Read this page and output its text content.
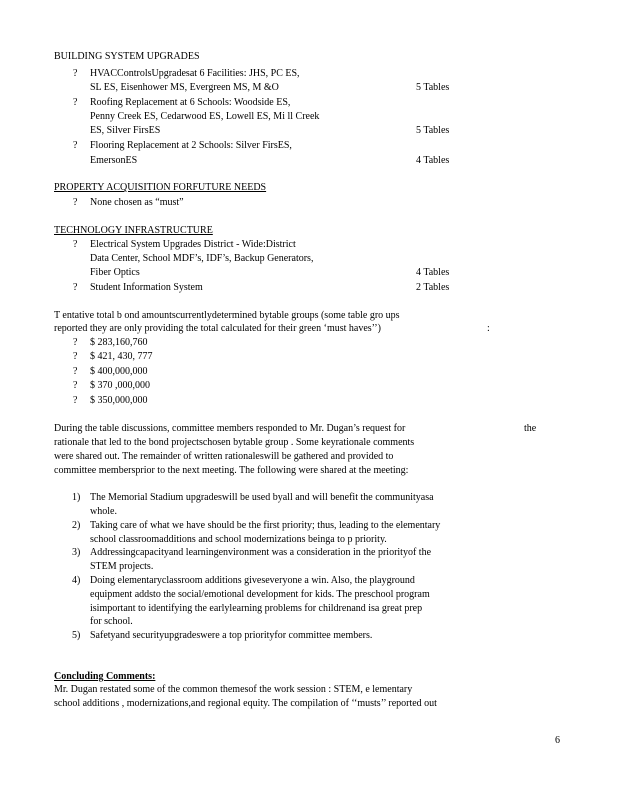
BUILDING SYSTEM UPGRADES
? HVACControlsUpgradesat 6 Facilities: JHS, PC ES,
SL ES, Eisenhower MS, Evergreen MS, M &O	5 Tables
? Roofing Replacement at 6 Schools: Woodside ES,
Penny Creek ES, Cedarwood ES, Lowell ES, Mi ll Creek
ES, Silver FirsES	5 Tables
? Flooring Replacement at 2 Schools: Silver FirsES,
EmersonES	4 Tables
PROPERTY ACQUISITION FORFUTURE NEEDS
? None chosen as “must”
TECHNOLOGY INFRASTRUCTURE
? Electrical System Upgrades District - Wide:District
Data Center, School MDF’s, IDF’s, Backup Generators,
Fiber Optics	4 Tables
? Student Information System	2 Tables
T entative total b ond amountscurrentlydetermined bytable groups (some table gro ups
reported they are only providing the total calculated for their green ‘must haves’’)	:
? $ 283,160,760
? $ 421, 430, 777
? $ 400,000,000
? $ 370 ,000,000
? $ 350,000,000
During the table discussions, committee members responded to Mr. Dugan’s request for	the
rationale that led to the bond projectschosen bytable group . Some keyrationale comments
were shared out. The remainder of written rationaleswill be gathered and provided to
committee membersprior to the next meeting. The following were shared at the meeting:
1) The Memorial Stadium upgradeswill be used byall and will benefit the communityasa
whole.
2) Taking care of what we have should be the first priority; thus, leading to the elementary
school classroomadditions and school modernizations beinga to p priority.
3) Addressingcapacityand learningenvironment was a consideration in the priorityof the
STEM projects.
4) Doing elementaryclassroom additions giveseveryone a win. Also, the playground
equipment addsto the social/emotional development for kids. The preschool program
isimportant to identifying the earlylearning problems for childrenand isa great prep
for school.
5) Safetyand securityupgradeswere a top priorityfor committee members.
Concluding Comments:
Mr. Dugan restated some of the common themesof the work session : STEM, e lementary
school additions , modernizations,and regional equity. The compilation of ‘‘musts’’ reported out
6
